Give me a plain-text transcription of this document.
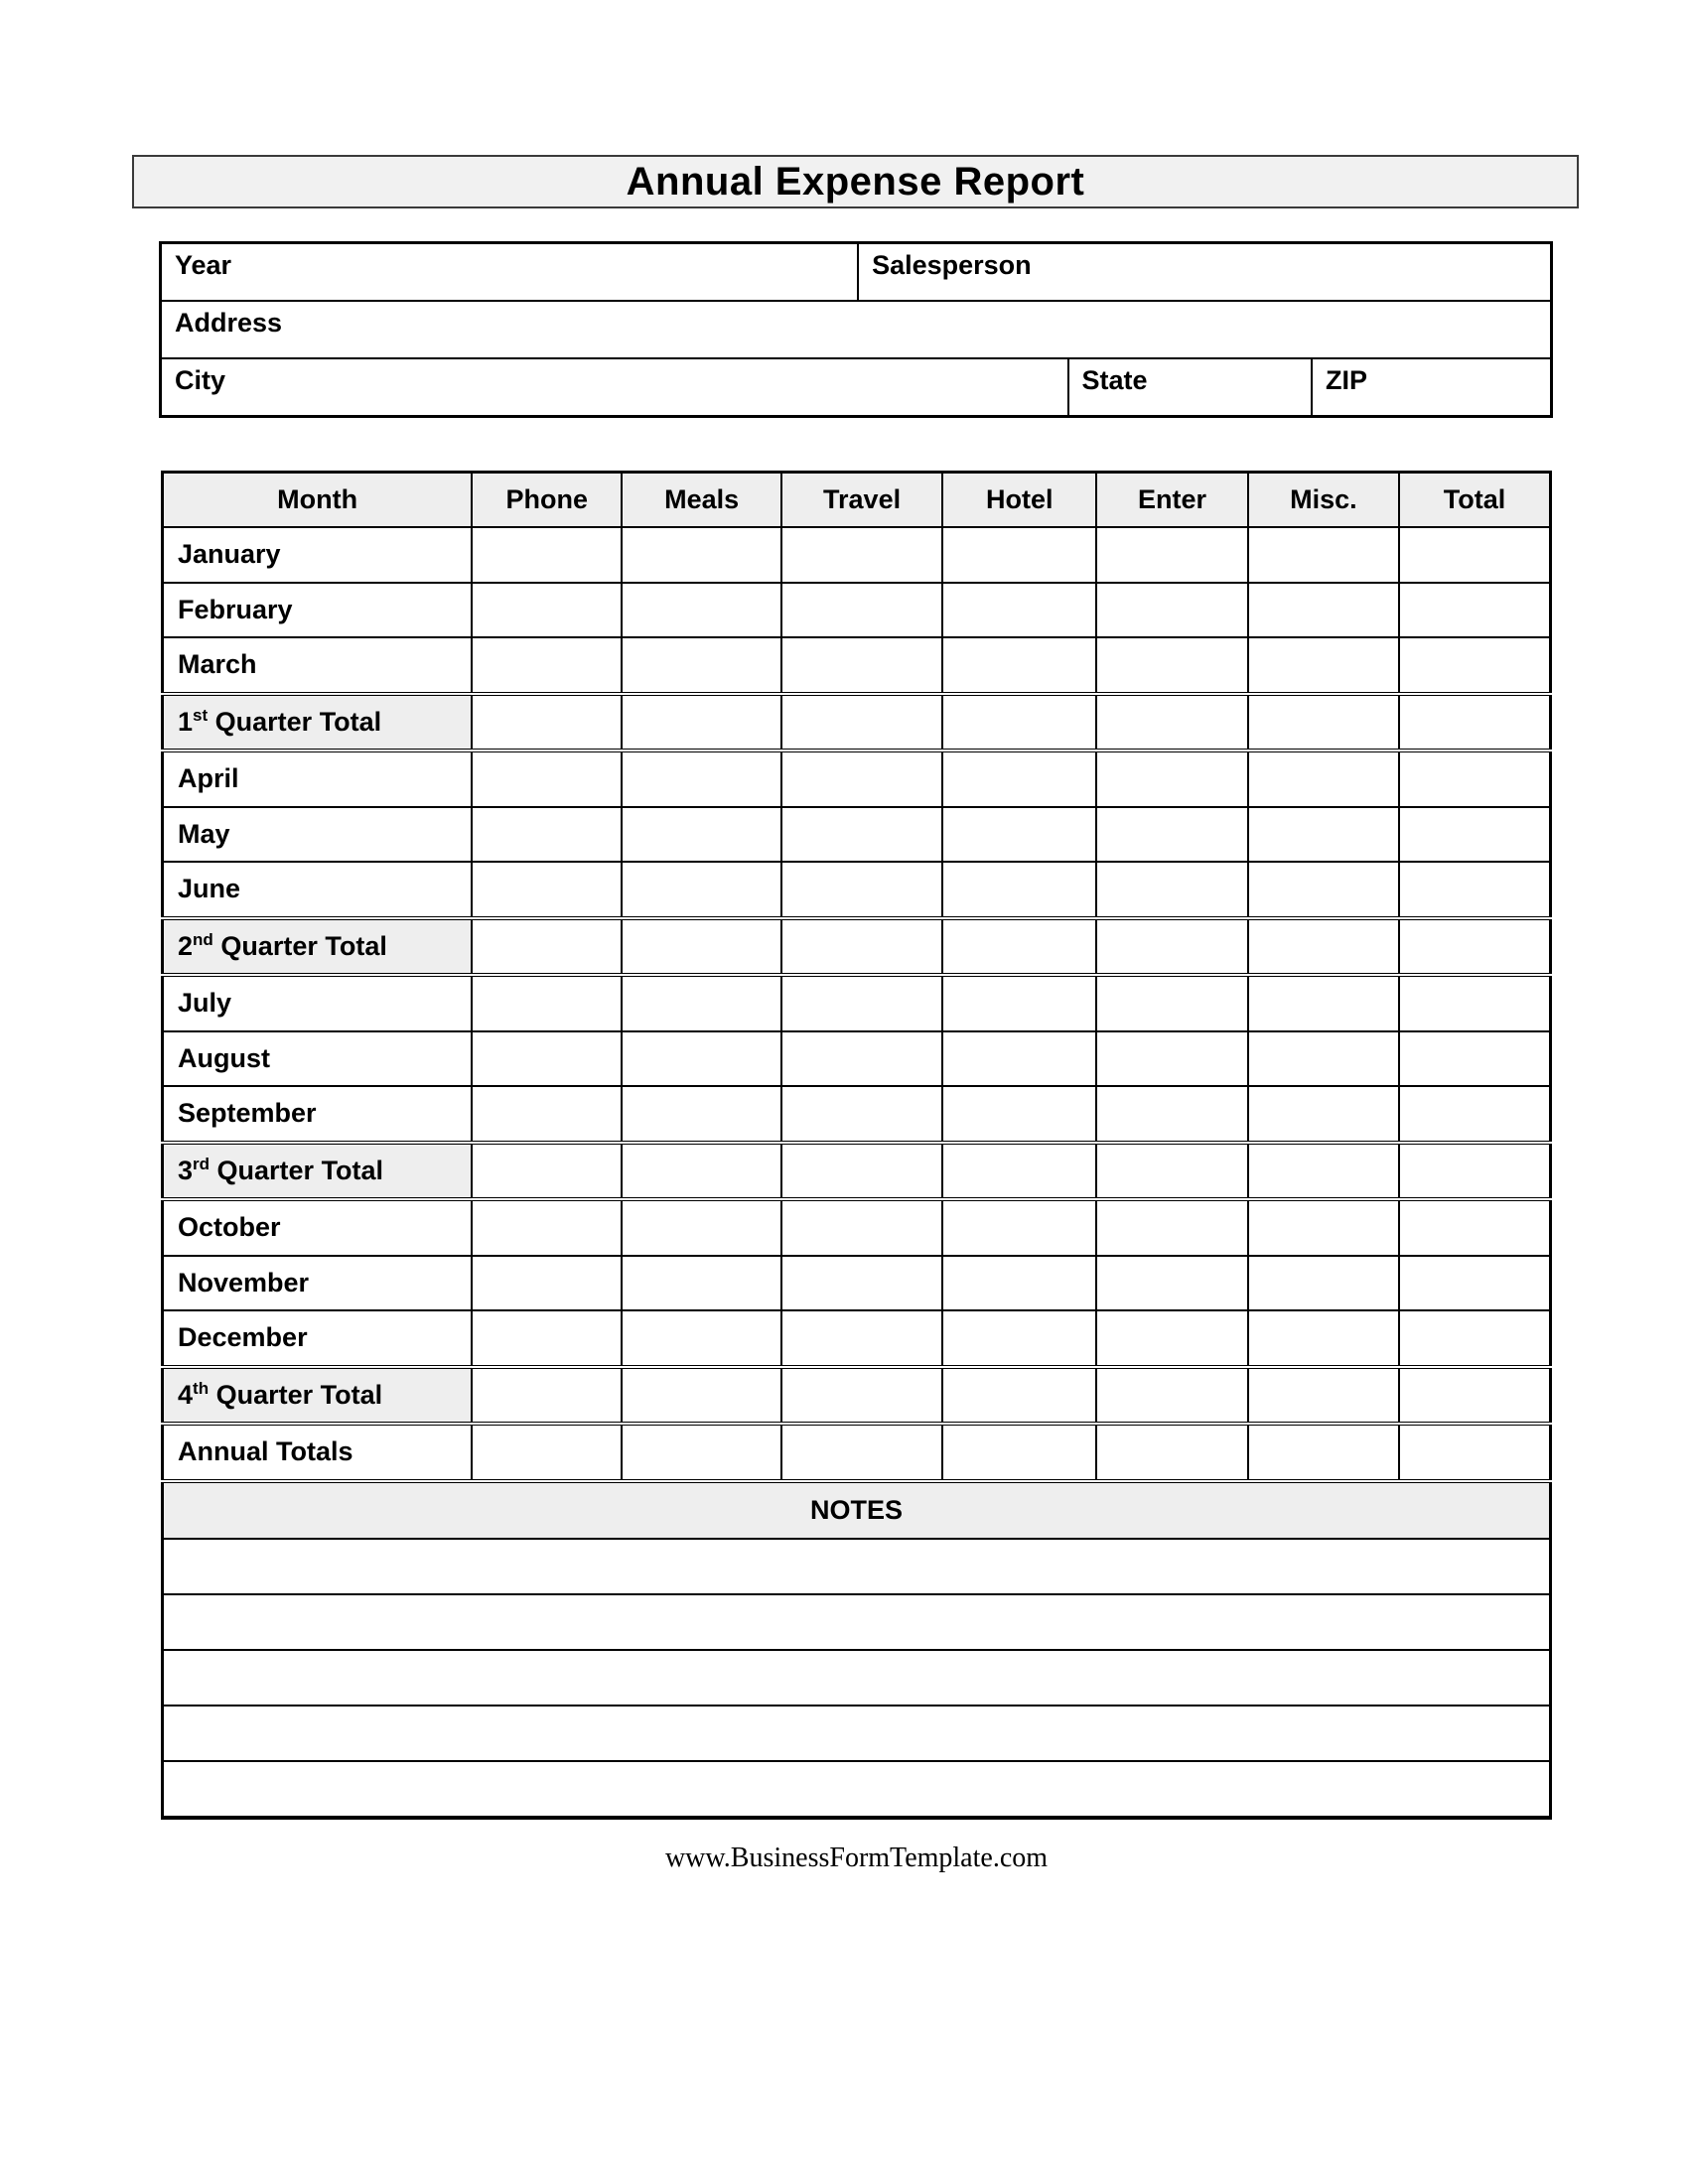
Annual Expense Report
Year	Salesperson		
Address			
City		State	ZIP
Month	Phone	Meals	Travel	Hotel	Enter	Misc.	Total
January							
February							
March							
1st Quarter Total							
April							
May							
June							
2nd Quarter Total							
July							
August							
September							
3rd Quarter Total							
October							
November							
December							
4th Quarter Total							
Annual Totals							
NOTES							

www.BusinessFormTemplate.com
